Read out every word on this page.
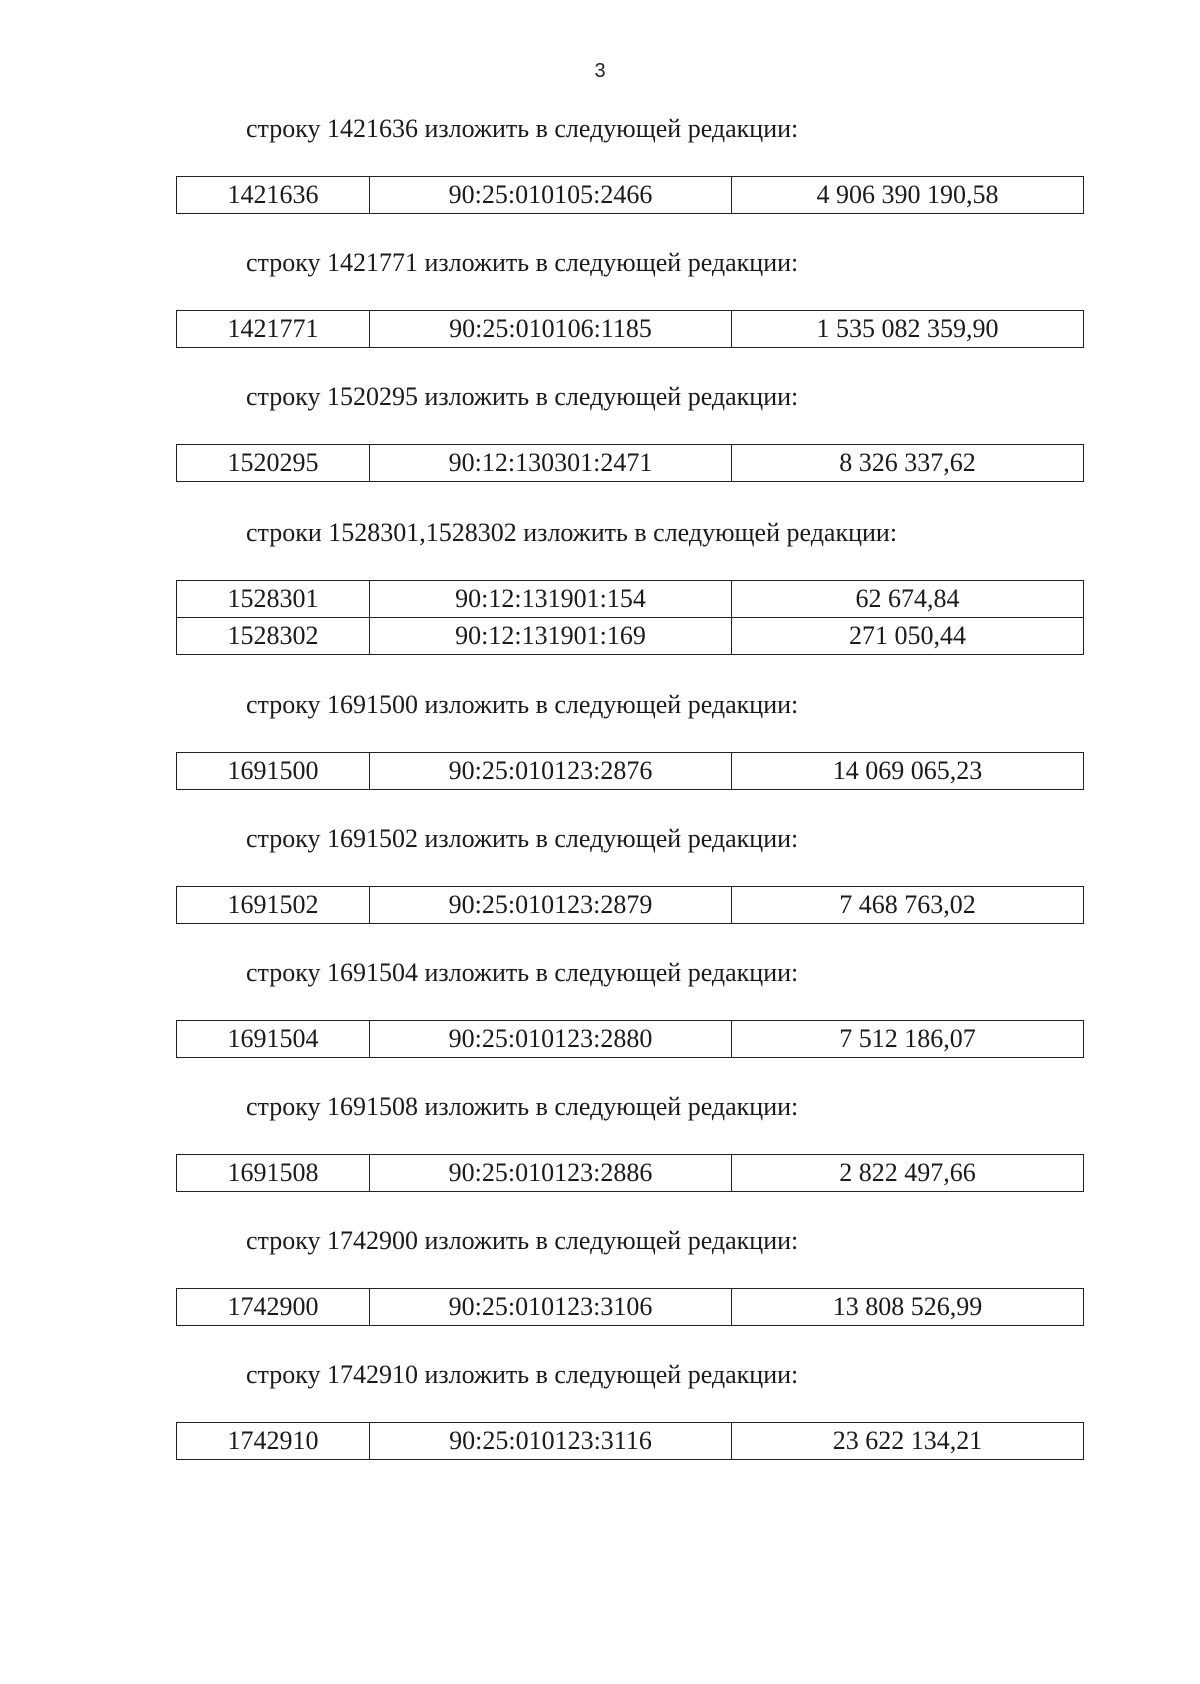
3
строку 1421636 изложить в следующей редакции:
1421636	90:25:010105:2466	4 906 390 190,58
строку 1421771 изложить в следующей редакции:
1421771	90:25:010106:1185	1 535 082 359,90
строку 1520295 изложить в следующей редакции:
1520295	90:12:130301:2471	8 326 337,62
строки 1528301,1528302 изложить в следующей редакции:
1528301	90:12:131901:154	62 674,84
1528302	90:12:131901:169	271 050,44
строку 1691500 изложить в следующей редакции:
1691500	90:25:010123:2876	14 069 065,23
строку 1691502 изложить в следующей редакции:
1691502	90:25:010123:2879	7 468 763,02
строку 1691504 изложить в следующей редакции:
1691504	90:25:010123:2880	7 512 186,07
строку 1691508 изложить в следующей редакции:
1691508	90:25:010123:2886	2 822 497,66
строку 1742900 изложить в следующей редакции:
1742900	90:25:010123:3106	13 808 526,99
строку 1742910 изложить в следующей редакции:
1742910	90:25:010123:3116	23 622 134,21
